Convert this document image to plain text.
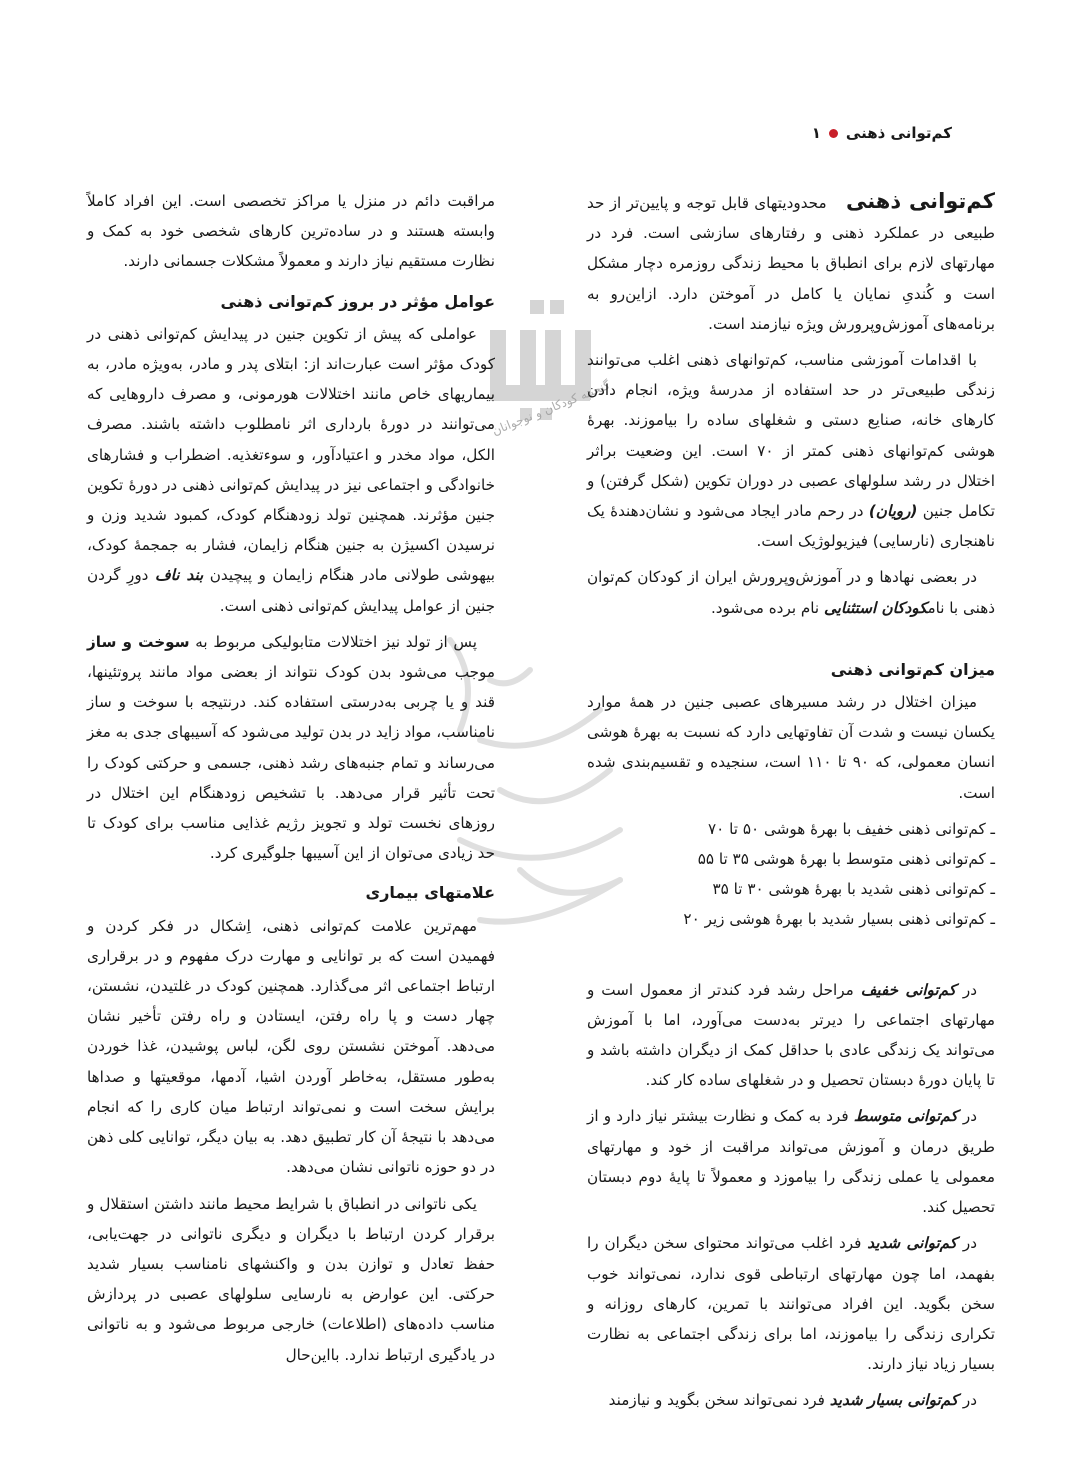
کم‌توانی ذهنی
۱
گنجینه کودکان و نوجوانان

کم‌توانی ذهنی محدودیتهای قابل توجه و پایین‌تر از حد طبیعی در عملکرد ذهنی و رفتارهای سازشی است. فرد در مهارتهای لازم برای انطباق با محیط زندگی روزمره دچار مشکل است و کُندیِ نمایان یا کامل در آموختن دارد. ازاین‌رو به برنامه‌های آموزش‌وپرورش ویژه نیازمند است.

با اقدامات آموزشی مناسب، کم‌توانهای ذهنی اغلب می‌توانند زندگی طبیعی‌تر در حد استفاده از مدرسهٔ ویژه، انجام دادن کارهای خانه، صنایع دستی و شغلهای ساده را بیاموزند. بهرهٔ هوشی کم‌توانهای ذهنی کمتر از ۷۰ است. این وضعیت براثر اختلال در رشد سلولهای عصبی در دوران تکوین (شکل گرفتن) و تکامل جنین (رویان) در رحم مادر ایجاد می‌شود و نشان‌دهندهٔ یک ناهنجاری (نارسایی) فیزیولوژیک است.

در بعضی نهادها و در آموزش‌وپرورش ایران از کودکان کم‌توان ذهنی با نامکودکان استثنایی نام برده می‌شود.

میزان کم‌توانی ذهنی

میزان اختلال در رشد مسیرهای عصبی جنین در همهٔ موارد یکسان نیست و شدت آن تفاوتهایی دارد که نسبت به بهرهٔ هوشی انسان معمولی، که ۹۰ تا ۱۱۰ است، سنجیده و تقسیم‌بندی شده است.

ـ کم‌توانی ذهنی خفیف با بهرهٔ هوشی ۵۰ تا ۷۰
ـ کم‌توانی ذهنی متوسط با بهرهٔ هوشی ۳۵ تا ۵۵
ـ کم‌توانی ذهنی شدید با بهرهٔ هوشی ۳۰ تا ۳۵
ـ کم‌توانی ذهنی بسیار شدید با بهرهٔ هوشی زیر ۲۰

در کم‌توانی خفیف مراحل رشد فرد کندتر از معمول است و مهارتهای اجتماعی را دیرتر به‌دست می‌آورد، اما با آموزش می‌تواند یک زندگی عادی با حداقل کمک از دیگران داشته باشد و تا پایان دورهٔ دبستان تحصیل و در شغلهای ساده کار کند.

در کم‌توانی متوسط فرد به کمک و نظارت بیشتر نیاز دارد و از طریق درمان و آموزش می‌تواند مراقبت از خود و مهارتهای معمولی یا عملی زندگی را بیاموزد و معمولاً تا پایهٔ دوم دبستان تحصیل کند.

در کم‌توانی شدید فرد اغلب می‌تواند محتوای سخن دیگران را بفهمد، اما چون مهارتهای ارتباطی قوی ندارد، نمی‌تواند خوب سخن بگوید. این افراد می‌توانند با تمرین، کارهای روزانه و تکراری زندگی را بیاموزند، اما برای زندگی اجتماعی به نظارت بسیار زیاد نیاز دارند.

در کم‌توانی بسیار شدید فرد نمی‌تواند سخن بگوید و نیازمند

مراقبت دائم در منزل یا مراکز تخصصی است. این افراد کاملاً وابسته هستند و در ساده‌ترین کارهای شخصی خود به کمک و نظارت مستقیم نیاز دارند و معمولاً مشکلات جسمانی دارند.

عوامل مؤثر در بروز کم‌توانی ذهنی

عواملی که پیش از تکوین جنین در پیدایش کم‌توانی ذهنی در کودک مؤثر است عبارت‌اند از: ابتلای پدر و مادر، به‌ویژه مادر، به بیماریهای خاص مانند اختلالات هورمونی، و مصرف داروهایی که می‌توانند در دورهٔ بارداری اثر نامطلوب داشته باشند. مصرف الکل، مواد مخدر و اعتیادآور، و سوءتغذیه. اضطراب و فشارهای خانوادگی و اجتماعی نیز در پیدایش کم‌توانی ذهنی در دورهٔ تکوین جنین مؤثرند. همچنین تولد زودهنگام کودک، کمبود شدید وزن و نرسیدن اکسیژن به جنین هنگام زایمان، فشار به جمجمهٔ کودک، بیهوشی طولانی مادر هنگام زایمان و پیچیدن بند ناف دورِ گردن جنین از عوامل پیدایش کم‌توانی ذهنی است.

پس از تولد نیز اختلالات متابولیکی مربوط به سوخت و ساز موجب می‌شود بدن کودک نتواند از بعضی مواد مانند پروتئینها، قند و یا چربی به‌درستی استفاده کند. درنتیجه با سوخت و ساز نامناسب، مواد زاید در بدن تولید می‌شود که آسیبهای جدی به مغز می‌رساند و تمام جنبه‌های رشد ذهنی، جسمی و حرکتی کودک را تحت تأثیر قرار می‌دهد. با تشخیص زودهنگام این اختلال در روزهای نخست تولد و تجویز رژیم غذایی مناسب برای کودک تا حد زیادی می‌توان از این آسیبها جلوگیری کرد.

علامتهای بیماری

مهم‌ترین علامت کم‌توانی ذهنی، اِشکال در فکر کردن و فهمیدن است که بر توانایی و مهارت درک مفهوم و در برقراری ارتباط اجتماعی اثر می‌گذارد. همچنین کودک در غلتیدن، نشستن، چهار دست و پا راه رفتن، ایستادن و راه رفتن تأخیر نشان می‌دهد. آموختن نشستن روی لگن، لباس پوشیدن، غذا خوردن به‌طور مستقل، به‌خاطر آوردن اشیا، آدمها، موقعیتها و صداها برایش سخت است و نمی‌تواند ارتباط میان کاری را که انجام می‌دهد با نتیجهٔ آن کار تطبیق دهد. به بیان دیگر، توانایی کلی ذهن در دو حوزه ناتوانی نشان می‌دهد.

یکی ناتوانی در انطباق با شرایط محیط مانند داشتن استقلال و برقرار کردن ارتباط با دیگران و دیگری ناتوانی در جهت‌یابی، حفظ تعادل و توازن بدن و واکنشهای نامناسب بسیار شدید حرکتی. این عوارض به نارسایی سلولهای عصبی در پردازش مناسب داده‌های (اطلاعات) خارجی مربوط می‌شود و به ناتوانی در یادگیری ارتباط ندارد. بااین‌حال
